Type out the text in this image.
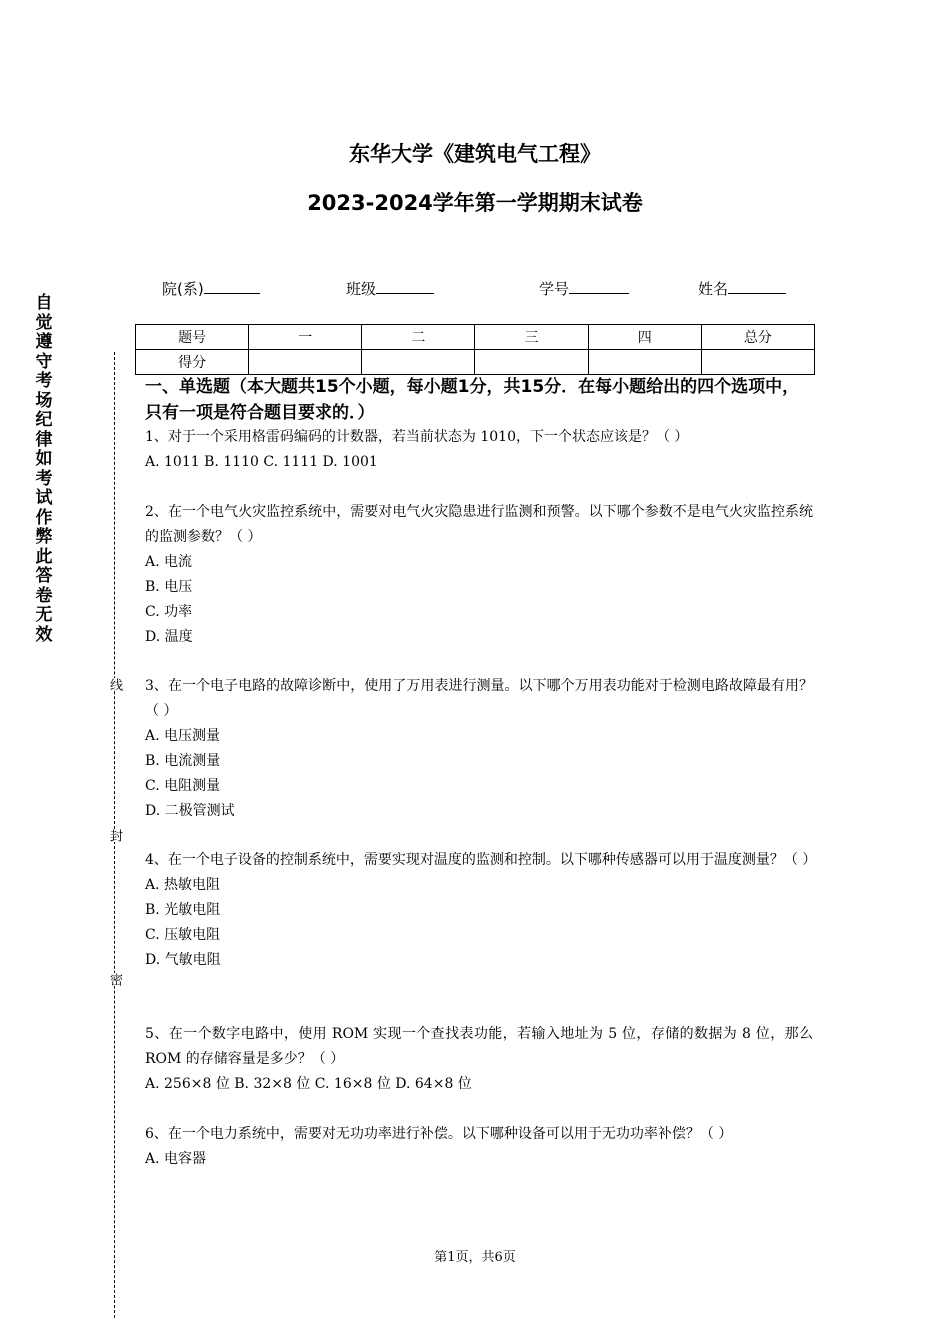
东华大学《建筑电气工程》
2023-2024学年第一学期期末试卷
院(系)	班级	学号	姓名
题号	一	二	三	四	总分
得分					
自觉遵守考场纪律如考试作弊此答卷无效
线
封
密
一、单选题（本大题共15个小题，每小题1分，共15分．在每小题给出的四个选项中，只有一项是符合题目要求的．）

1、对于一个采用格雷码编码的计数器，若当前状态为 1010，下一个状态应该是？（ ）

A. 1011 B. 1110 C. 1111 D. 1001

2、在一个电气火灾监控系统中，需要对电气火灾隐患进行监测和预警。以下哪个参数不是电气火灾监控系统的监测参数？（ ）

A. 电流

B. 电压

C. 功率

D. 温度

3、在一个电子电路的故障诊断中，使用了万用表进行测量。以下哪个万用表功能对于检测电路故障最有用？（ ）

A. 电压测量

B. 电流测量

C. 电阻测量

D. 二极管测试

4、在一个电子设备的控制系统中，需要实现对温度的监测和控制。以下哪种传感器可以用于温度测量？（ ）

A. 热敏电阻

B. 光敏电阻

C. 压敏电阻

D. 气敏电阻

5、在一个数字电路中，使用 ROM 实现一个查找表功能，若输入地址为 5 位，存储的数据为 8 位，那么 ROM 的存储容量是多少？（ ）

A. 256×8 位 B. 32×8 位 C. 16×8 位 D. 64×8 位

6、在一个电力系统中，需要对无功功率进行补偿。以下哪种设备可以用于无功功率补偿？（ ）

A. 电容器

第1页，共6页
